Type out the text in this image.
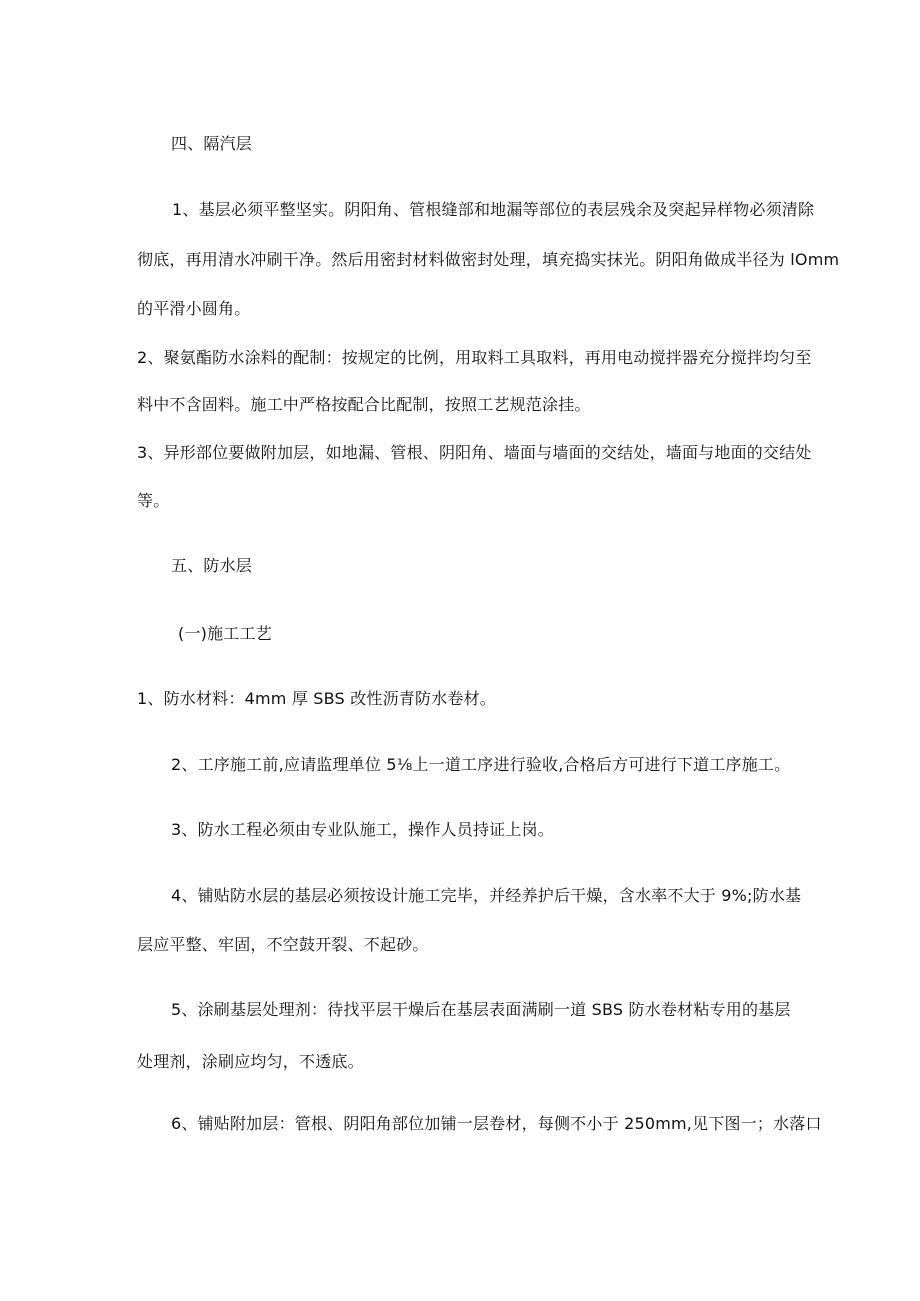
四、隔汽层
1、基层必须平整坚实。阴阳角、管根缝部和地漏等部位的表层残余及突起异样物必须清除
彻底，再用清水冲刷干净。然后用密封材料做密封处理，填充捣实抹光。阴阳角做成半径为 lOmm
的平滑小圆角。
2、聚氨酯防水涂料的配制：按规定的比例，用取料工具取料，再用电动搅拌器充分搅拌均匀至
料中不含固料。施工中严格按配合比配制，按照工艺规范涂挂。
3、异形部位要做附加层，如地漏、管根、阴阳角、墙面与墙面的交结处，墙面与地面的交结处
等。
五、防水层
(一)施工工艺
1、防水材料：4mm 厚 SBS 改性沥青防水卷材。
2、工序施工前,应请监理单位 5⅛上一道工序进行验收,合格后方可进行下道工序施工。
3、防水工程必须由专业队施工，操作人员持证上岗。
4、铺贴防水层的基层必须按设计施工完毕，并经养护后干燥，含水率不大于 9%;防水基
层应平整、牢固，不空鼓开裂、不起砂。
5、涂刷基层处理剂：待找平层干燥后在基层表面满刷一道 SBS 防水卷材粘专用的基层
处理剂，涂刷应均匀，不透底。
6、铺贴附加层：管根、阴阳角部位加铺一层卷材，每侧不小于 250mm,见下图一；水落口
